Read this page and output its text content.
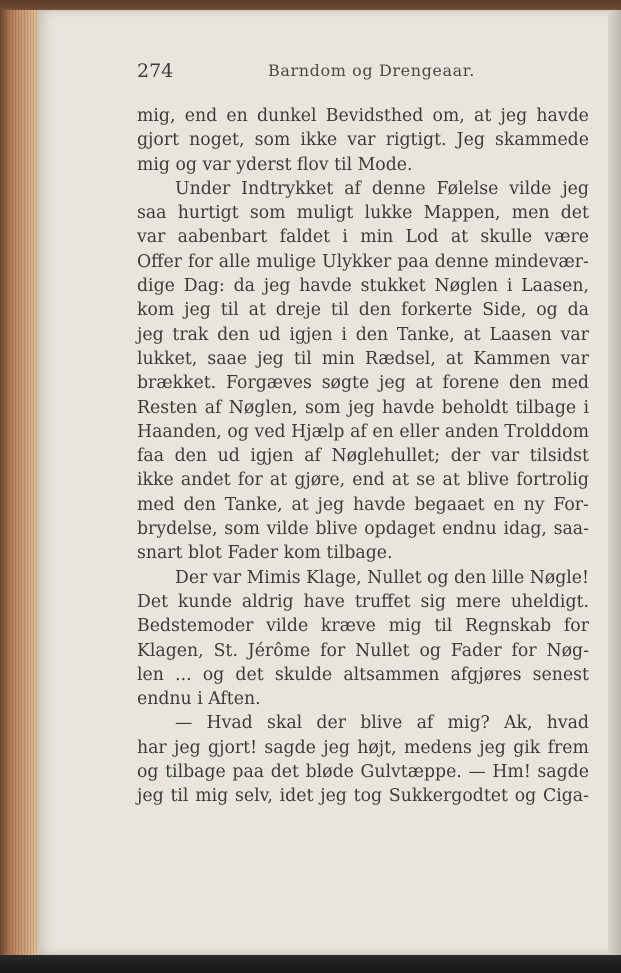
274	Barndom og Drengeaar.
mig, end en dunkel Bevidsthed om, at jeg havde
gjort noget, som ikke var rigtigt. Jeg skammede
mig og var yderst flov til Mode.
Under Indtrykket af denne Følelse vilde jeg
saa hurtigt som muligt lukke Mappen, men det
var aabenbart faldet i min Lod at skulle være
Offer for alle mulige Ulykker paa denne mindevær-
dige Dag: da jeg havde stukket Nøglen i Laasen,
kom jeg til at dreje til den forkerte Side, og da
jeg trak den ud igjen i den Tanke, at Laasen var
lukket, saae jeg til min Rædsel, at Kammen var
brækket. Forgæves søgte jeg at forene den med
Resten af Nøglen, som jeg havde beholdt tilbage i
Haanden, og ved Hjælp af en eller anden Trolddom
faa den ud igjen af Nøglehullet; der var tilsidst
ikke andet for at gjøre, end at se at blive fortrolig
med den Tanke, at jeg havde begaaet en ny For-
brydelse, som vilde blive opdaget endnu idag, saa-
snart blot Fader kom tilbage.
Der var Mimis Klage, Nullet og den lille Nøgle!
Det kunde aldrig have truffet sig mere uheldigt.
Bedstemoder vilde kræve mig til Regnskab for
Klagen, St. Jérôme for Nullet og Fader for Nøg-
len ... og det skulde altsammen afgjøres senest
endnu i Aften.
— Hvad skal der blive af mig? Ak, hvad
har jeg gjort! sagde jeg højt, medens jeg gik frem
og tilbage paa det bløde Gulvtæppe. — Hm! sagde
jeg til mig selv, idet jeg tog Sukkergodtet og Ciga-
